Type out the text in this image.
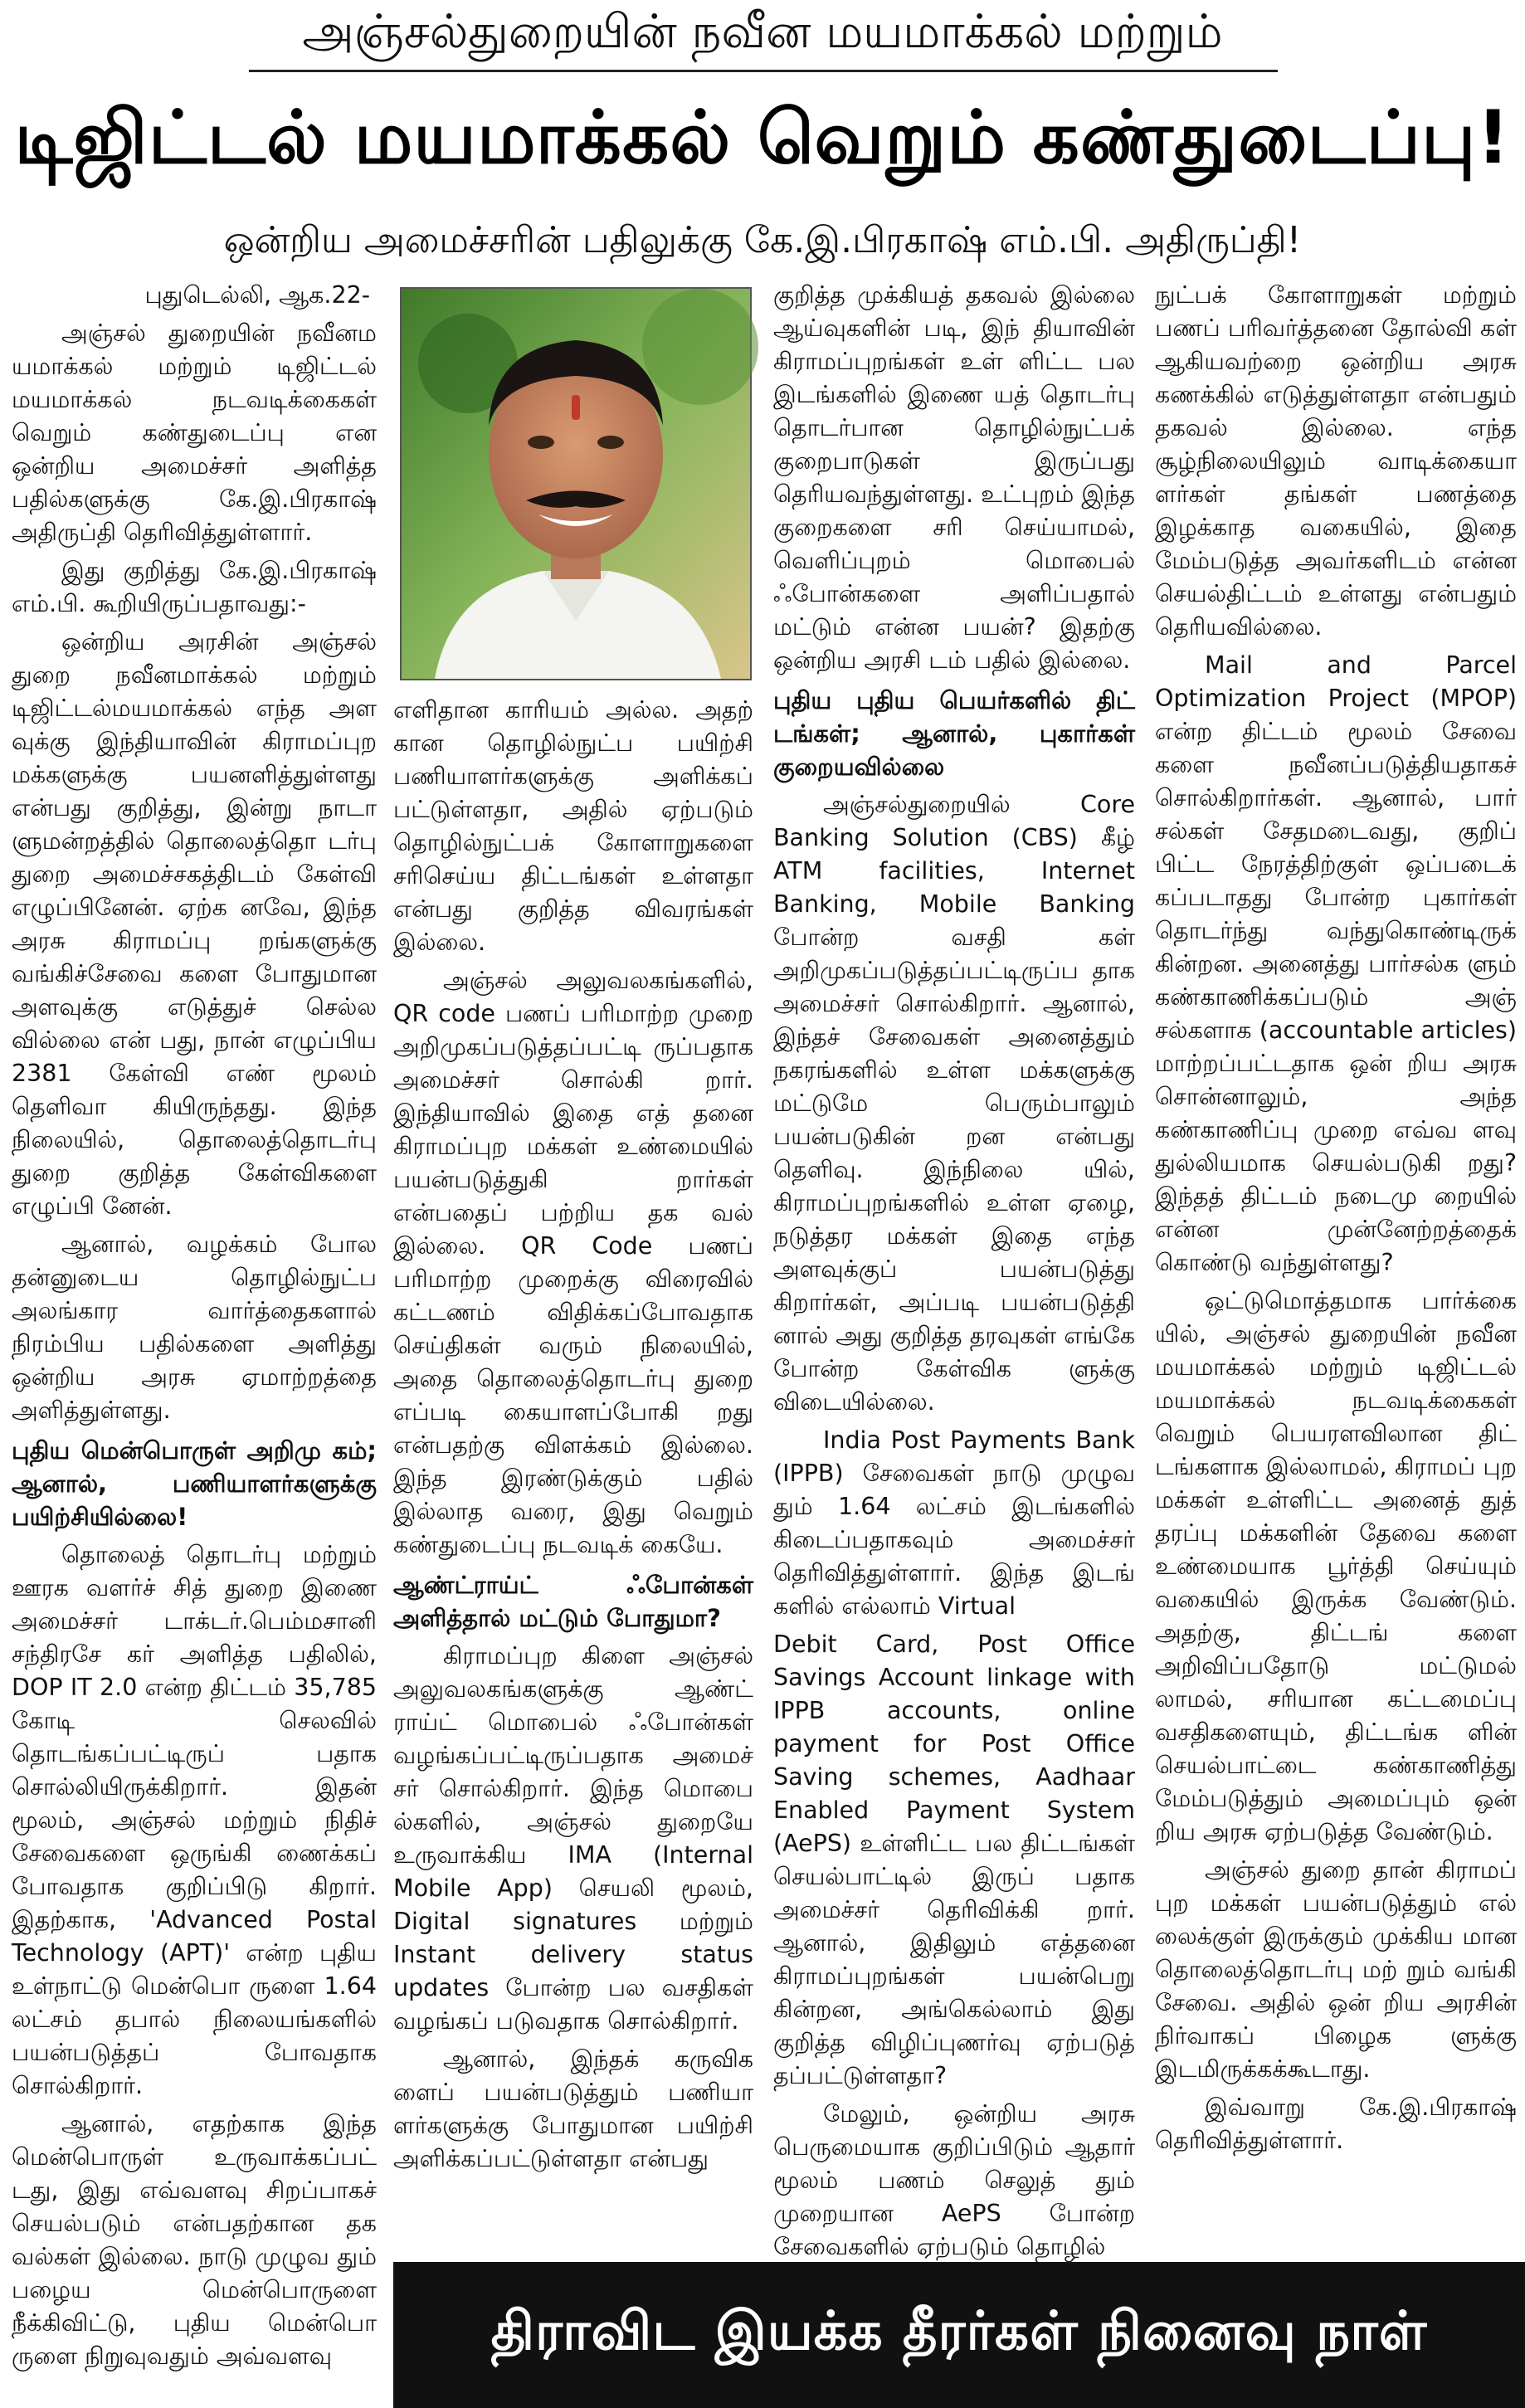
அஞ்சல்துறையின் நவீன மயமாக்கல் மற்றும்
டிஜிட்டல் மயமாக்கல் வெறும் கண்துடைப்பு!
ஒன்றிய அமைச்சரின் பதிலுக்கு கே.இ.பிரகாஷ் எம்.பி. அதிருப்தி!

புதுடெல்லி, ஆக.22-

அஞ்சல் துறையின் நவீனம யமாக்கல் மற்றும் டிஜிட்டல் மயமாக்கல் நடவடிக்கைகள் வெறும் கண்துடைப்பு என ஒன்றிய அமைச்சர் அளித்த பதில்களுக்கு கே.இ.பிரகாஷ் அதிருப்தி தெரிவித்துள்ளார்.

இது குறித்து கே.இ.பிரகாஷ் எம்.பி. கூறியிருப்பதாவது:-

ஒன்றிய அரசின் அஞ்சல் துறை நவீனமாக்கல் மற்றும் டிஜிட்டல்மயமாக்கல் எந்த அள வுக்கு இந்தியாவின் கிராமப்புற மக்களுக்கு பயனளித்துள்ளது என்பது குறித்து, இன்று நாடா ளுமன்றத்தில் தொலைத்தொ டர்பு துறை அமைச்சகத்திடம் கேள்வி எழுப்பினேன். ஏற்க னவே, இந்த அரசு கிராமப்பு றங்களுக்கு வங்கிச்சேவை களை போதுமான அளவுக்கு எடுத்துச் செல்ல வில்லை என் பது, நான் எழுப்பிய 2381 கேள்வி எண் மூலம் தெளிவா கியிருந்தது. இந்த நிலையில், தொலைத்தொடர்பு துறை குறித்த கேள்விகளை எழுப்பி னேன்.

ஆனால், வழக்கம் போல தன்னுடைய தொழில்நுட்ப அலங்கார வார்த்தைகளால் நிரம்பிய பதில்களை அளித்து ஒன்றிய அரசு ஏமாற்றத்தை அளித்துள்ளது.

புதிய மென்பொருள் அறிமு கம்; ஆனால், பணியாளர்களுக்கு பயிற்சியில்லை!

தொலைத் தொடர்பு மற்றும் ஊரக வளர்ச் சித் துறை இணை அமைச்சர் டாக்டர்.பெம்மசானி சந்திரசே கர் அளித்த பதிலில், DOP IT 2.0 என்ற திட்டம் 35,785 கோடி செலவில் தொடங்கப்பட்டிருப் பதாக சொல்லியிருக்கிறார். இதன் மூலம், அஞ்சல் மற்றும் நிதிச் சேவைகளை ஒருங்கி ணைக்கப் போவதாக குறிப்பிடு கிறார். இதற்காக, 'Advanced Postal Technology (APT)' என்ற புதிய உள்நாட்டு மென்பொ ருளை 1.64 லட்சம் தபால் நிலையங்களில் பயன்படுத்தப் போவதாக சொல்கிறார்.

ஆனால், எதற்காக இந்த மென்பொருள் உருவாக்கப்பட் டது, இது எவ்வளவு சிறப்பாகச் செயல்படும் என்பதற்கான தக வல்கள் இல்லை. நாடு முழுவ தும் பழைய மென்பொருளை நீக்கிவிட்டு, புதிய மென்பொ ருளை நிறுவுவதும் அவ்வளவு

எளிதான காரியம் அல்ல. அதற் கான தொழில்நுட்ப பயிற்சி பணியாளர்களுக்கு அளிக்கப் பட்டுள்ளதா, அதில் ஏற்படும் தொழில்நுட்பக் கோளாறுகளை சரிசெய்ய திட்டங்கள் உள்ளதா என்பது குறித்த விவரங்கள் இல்லை.

அஞ்சல் அலுவலகங்களில், QR code பணப் பரிமாற்ற முறை அறிமுகப்படுத்தப்பட்டி ருப்பதாக அமைச்சர் சொல்கி றார். இந்தியாவில் இதை எத் தனை கிராமப்புற மக்கள் உண்மையில் பயன்படுத்துகி றார்கள் என்பதைப் பற்றிய தக வல் இல்லை. QR Code பணப் பரிமாற்ற முறைக்கு விரைவில் கட்டணம் விதிக்கப்போவதாக செய்திகள் வரும் நிலையில், அதை தொலைத்தொடர்பு துறை எப்படி கையாளப்போகி றது என்பதற்கு விளக்கம் இல்லை. இந்த இரண்டுக்கும் பதில் இல்லாத வரை, இது வெறும் கண்துடைப்பு நடவடிக் கையே.

ஆண்ட்ராய்ட் ஃபோன்கள் அளித்தால் மட்டும் போதுமா?

கிராமப்புற கிளை அஞ்சல் அலுவலகங்களுக்கு ஆண்ட் ராய்ட் மொபைல் ஃபோன்கள் வழங்கப்பட்டிருப்பதாக அமைச் சர் சொல்கிறார். இந்த மொபை ல்களில், அஞ்சல் துறையே உருவாக்கிய IMA (Internal Mobile App) செயலி மூலம், Digital signatures மற்றும் Instant delivery status updates போன்ற பல வசதிகள் வழங்கப் படுவதாக சொல்கிறார்.

ஆனால், இந்தக் கருவிக ளைப் பயன்படுத்தும் பணியா ளர்களுக்கு போதுமான பயிற்சி அளிக்கப்பட்டுள்ளதா என்பது

குறித்த முக்கியத் தகவல் இல்லை ஆய்வுகளின் படி, இந் தியாவின் கிராமப்புறங்கள் உள் ளிட்ட பல இடங்களில் இணை யத் தொடர்பு தொடர்பான தொழில்நுட்பக் குறைபாடுகள் இருப்பது தெரியவந்துள்ளது. உட்புறம் இந்த குறைகளை சரி செய்யாமல், வெளிப்புறம் மொபைல் ஃபோன்களை அளிப்பதால் மட்டும் என்ன பயன்? இதற்கு ஒன்றிய அரசி டம் பதில் இல்லை.

புதிய புதிய பெயர்களில் திட் டங்கள்; ஆனால், புகார்கள் குறையவில்லை

அஞ்சல்துறையில் Core Banking Solution (CBS) கீழ் ATM facilities, Internet Banking, Mobile Banking போன்ற வசதி கள் அறிமுகப்படுத்தப்பட்டிருப்ப தாக அமைச்சர் சொல்கிறார். ஆனால், இந்தச் சேவைகள் அனைத்தும் நகரங்களில் உள்ள மக்களுக்கு மட்டுமே பெரும்பாலும் பயன்படுகின் றன என்பது தெளிவு. இந்நிலை யில், கிராமப்புறங்களில் உள்ள ஏழை, நடுத்தர மக்கள் இதை எந்த அளவுக்குப் பயன்படுத்து கிறார்கள், அப்படி பயன்படுத்தி னால் அது குறித்த தரவுகள் எங்கே போன்ற கேள்விக ளுக்கு விடையில்லை.

India Post Payments Bank (IPPB) சேவைகள் நாடு முழுவ தும் 1.64 லட்சம் இடங்களில் கிடைப்பதாகவும் அமைச்சர் தெரிவித்துள்ளார். இந்த இடங் களில் எல்லாம் Virtual

Debit Card, Post Office Savings Account linkage with IPPB accounts, online payment for Post Office Saving schemes, Aadhaar Enabled Payment System (AePS) உள்ளிட்ட பல திட்டங்கள் செயல்பாட்டில் இருப் பதாக அமைச்சர் தெரிவிக்கி றார். ஆனால், இதிலும் எத்தனை கிராமப்புறங்கள் பயன்பெறு கின்றன, அங்கெல்லாம் இது குறித்த விழிப்புணர்வு ஏற்படுத் தப்பட்டுள்ளதா?

மேலும், ஒன்றிய அரசு பெருமையாக குறிப்பிடும் ஆதார் மூலம் பணம் செலுத் தும் முறையான AePS போன்ற சேவைகளில் ஏற்படும் தொழில்

நுட்பக் கோளாறுகள் மற்றும் பணப் பரிவர்த்தனை தோல்வி கள் ஆகியவற்றை ஒன்றிய அரசு கணக்கில் எடுத்துள்ளதா என்பதும் தகவல் இல்லை. எந்த சூழ்நிலையிலும் வாடிக்கையா ளர்கள் தங்கள் பணத்தை இழக்காத வகையில், இதை மேம்படுத்த அவர்களிடம் என்ன செயல்திட்டம் உள்ளது என்பதும் தெரியவில்லை.

Mail and Parcel Optimization Project (MPOP) என்ற திட்டம் மூலம் சேவை களை நவீனப்படுத்தியதாகச் சொல்கிறார்கள். ஆனால், பார் சல்கள் சேதமடைவது, குறிப் பிட்ட நேரத்திற்குள் ஒப்படைக் கப்படாதது போன்ற புகார்கள் தொடர்ந்து வந்துகொண்டிருக் கின்றன. அனைத்து பார்சல்க ளும் கண்காணிக்கப்படும் அஞ் சல்களாக (accountable articles) மாற்றப்பட்டதாக ஒன் றிய அரசு சொன்னாலும், அந்த கண்காணிப்பு முறை எவ்வ ளவு துல்லியமாக செயல்படுகி றது? இந்தத் திட்டம் நடைமு றையில் என்ன முன்னேற்றத்தைக் கொண்டு வந்துள்ளது?

ஒட்டுமொத்தமாக பார்க்கை யில், அஞ்சல் துறையின் நவீன மயமாக்கல் மற்றும் டிஜிட்டல் மயமாக்கல் நடவடிக்கைகள் வெறும் பெயரளவிலான திட் டங்களாக இல்லாமல், கிராமப் புற மக்கள் உள்ளிட்ட அனைத் துத் தரப்பு மக்களின் தேவை களை உண்மையாக பூர்த்தி செய்யும் வகையில் இருக்க வேண்டும். அதற்கு, திட்டங் களை அறிவிப்பதோடு மட்டுமல் லாமல், சரியான கட்டமைப்பு வசதிகளையும், திட்டங்க ளின் செயல்பாட்டை கண்காணித்து மேம்படுத்தும் அமைப்பும் ஒன் றிய அரசு ஏற்படுத்த வேண்டும்.

அஞ்சல் துறை தான் கிராமப் புற மக்கள் பயன்படுத்தும் எல் லைக்குள் இருக்கும் முக்கிய மான தொலைத்தொடர்பு மற் றும் வங்கி சேவை. அதில் ஒன் றிய அரசின் நிர்வாகப் பிழைக ளுக்கு இடமிருக்கக்கூடாது.

இவ்வாறு கே.இ.பிரகாஷ் தெரிவித்துள்ளார்.

திராவிட இயக்க தீரர்கள் நினைவு நாள்
